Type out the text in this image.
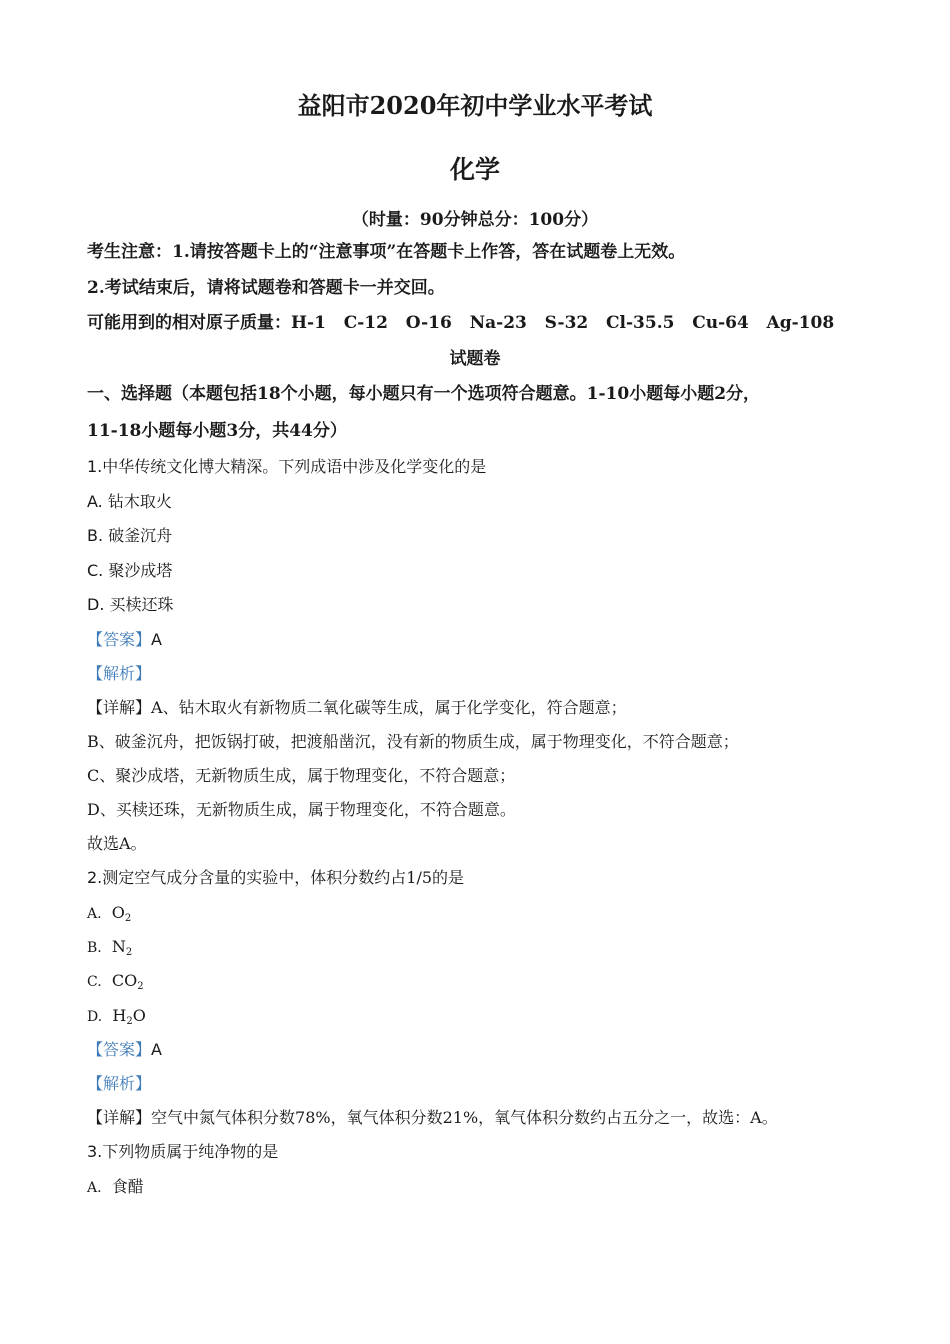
益阳市2020年初中学业水平考试
化学
（时量：90分钟总分：100分）
考生注意：1.请按答题卡上的“注意事项”在答题卡上作答，答在试题卷上无效。
2.考试结束后，请将试题卷和答题卡一并交回。
可能用到的相对原子质量：H-1   C-12   O-16   Na-23   S-32   Cl-35.5   Cu-64   Ag-108
试题卷
一、选择题（本题包括18个小题，每小题只有一个选项符合题意。1-10小题每小题2分，
11-18小题每小题3分，共44分）
1.中华传统文化博大精深。下列成语中涉及化学变化的是
A. 钻木取火
B. 破釜沉舟
C. 聚沙成塔
D. 买椟还珠
【答案】A
【解析】
【详解】A、钻木取火有新物质二氧化碳等生成，属于化学变化，符合题意；
B、破釜沉舟，把饭锅打破，把渡船凿沉，没有新的物质生成，属于物理变化，不符合题意；
C、聚沙成塔，无新物质生成，属于物理变化，不符合题意；
D、买椟还珠，无新物质生成，属于物理变化，不符合题意。
故选A。
2.测定空气成分含量的实验中，体积分数约占1/5的是
A. $O_2$
B. $N_2$
C. $CO_2$
D. $H_2O$
【答案】A
【解析】
【详解】空气中氮气体积分数78%，氧气体积分数21%，氧气体积分数约占五分之一，故选：A。
3.下列物质属于纯净物的是
A. 食醋
